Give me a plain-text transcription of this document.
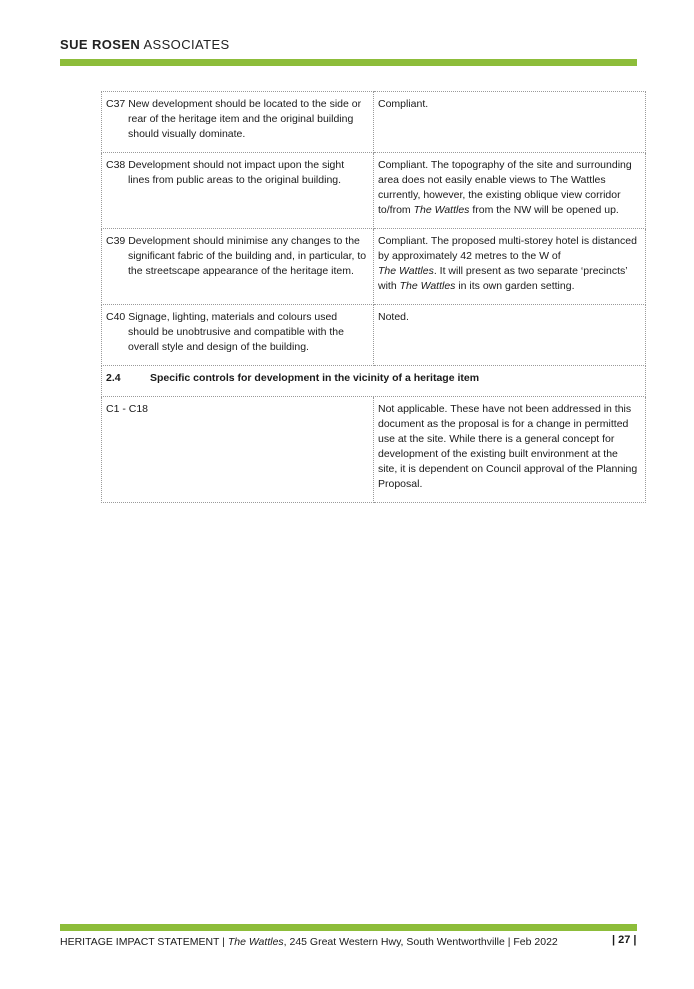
SUE ROSEN ASSOCIATES
C37 New development should be located to the side or rear of the heritage item and the original building should visually dominate.	Compliant.

C38 Development should not impact upon the sight lines from public areas to the original building.	Compliant. The topography of the site and surrounding area does not easily enable views to The Wattles currently, however, the existing oblique view corridor to/from The Wattles from the NW will be opened up.

C39 Development should minimise any changes to the significant fabric of the building and, in particular, to the streetscape appearance of the heritage item.	Compliant. The proposed multi-storey hotel is distanced by approximately 42 metres to the W of
The Wattles. It will present as two separate ‘precincts’ with The Wattles in its own garden setting.

C40 Signage, lighting, materials and colours used should be unobtrusive and compatible with the overall style and design of the building.	Noted.
2.4 Specific controls for development in the vicinity of a heritage item	
C1 - C18	Not applicable. These have not been addressed in this document as the proposal is for a change in permitted use at the site. While there is a general concept for development of the existing built environment at the site, it is dependent on Council approval of the Planning Proposal.
HERITAGE IMPACT STATEMENT | The Wattles, 245 Great Western Hwy, South Wentworthville | Feb 2022	| 27 |
